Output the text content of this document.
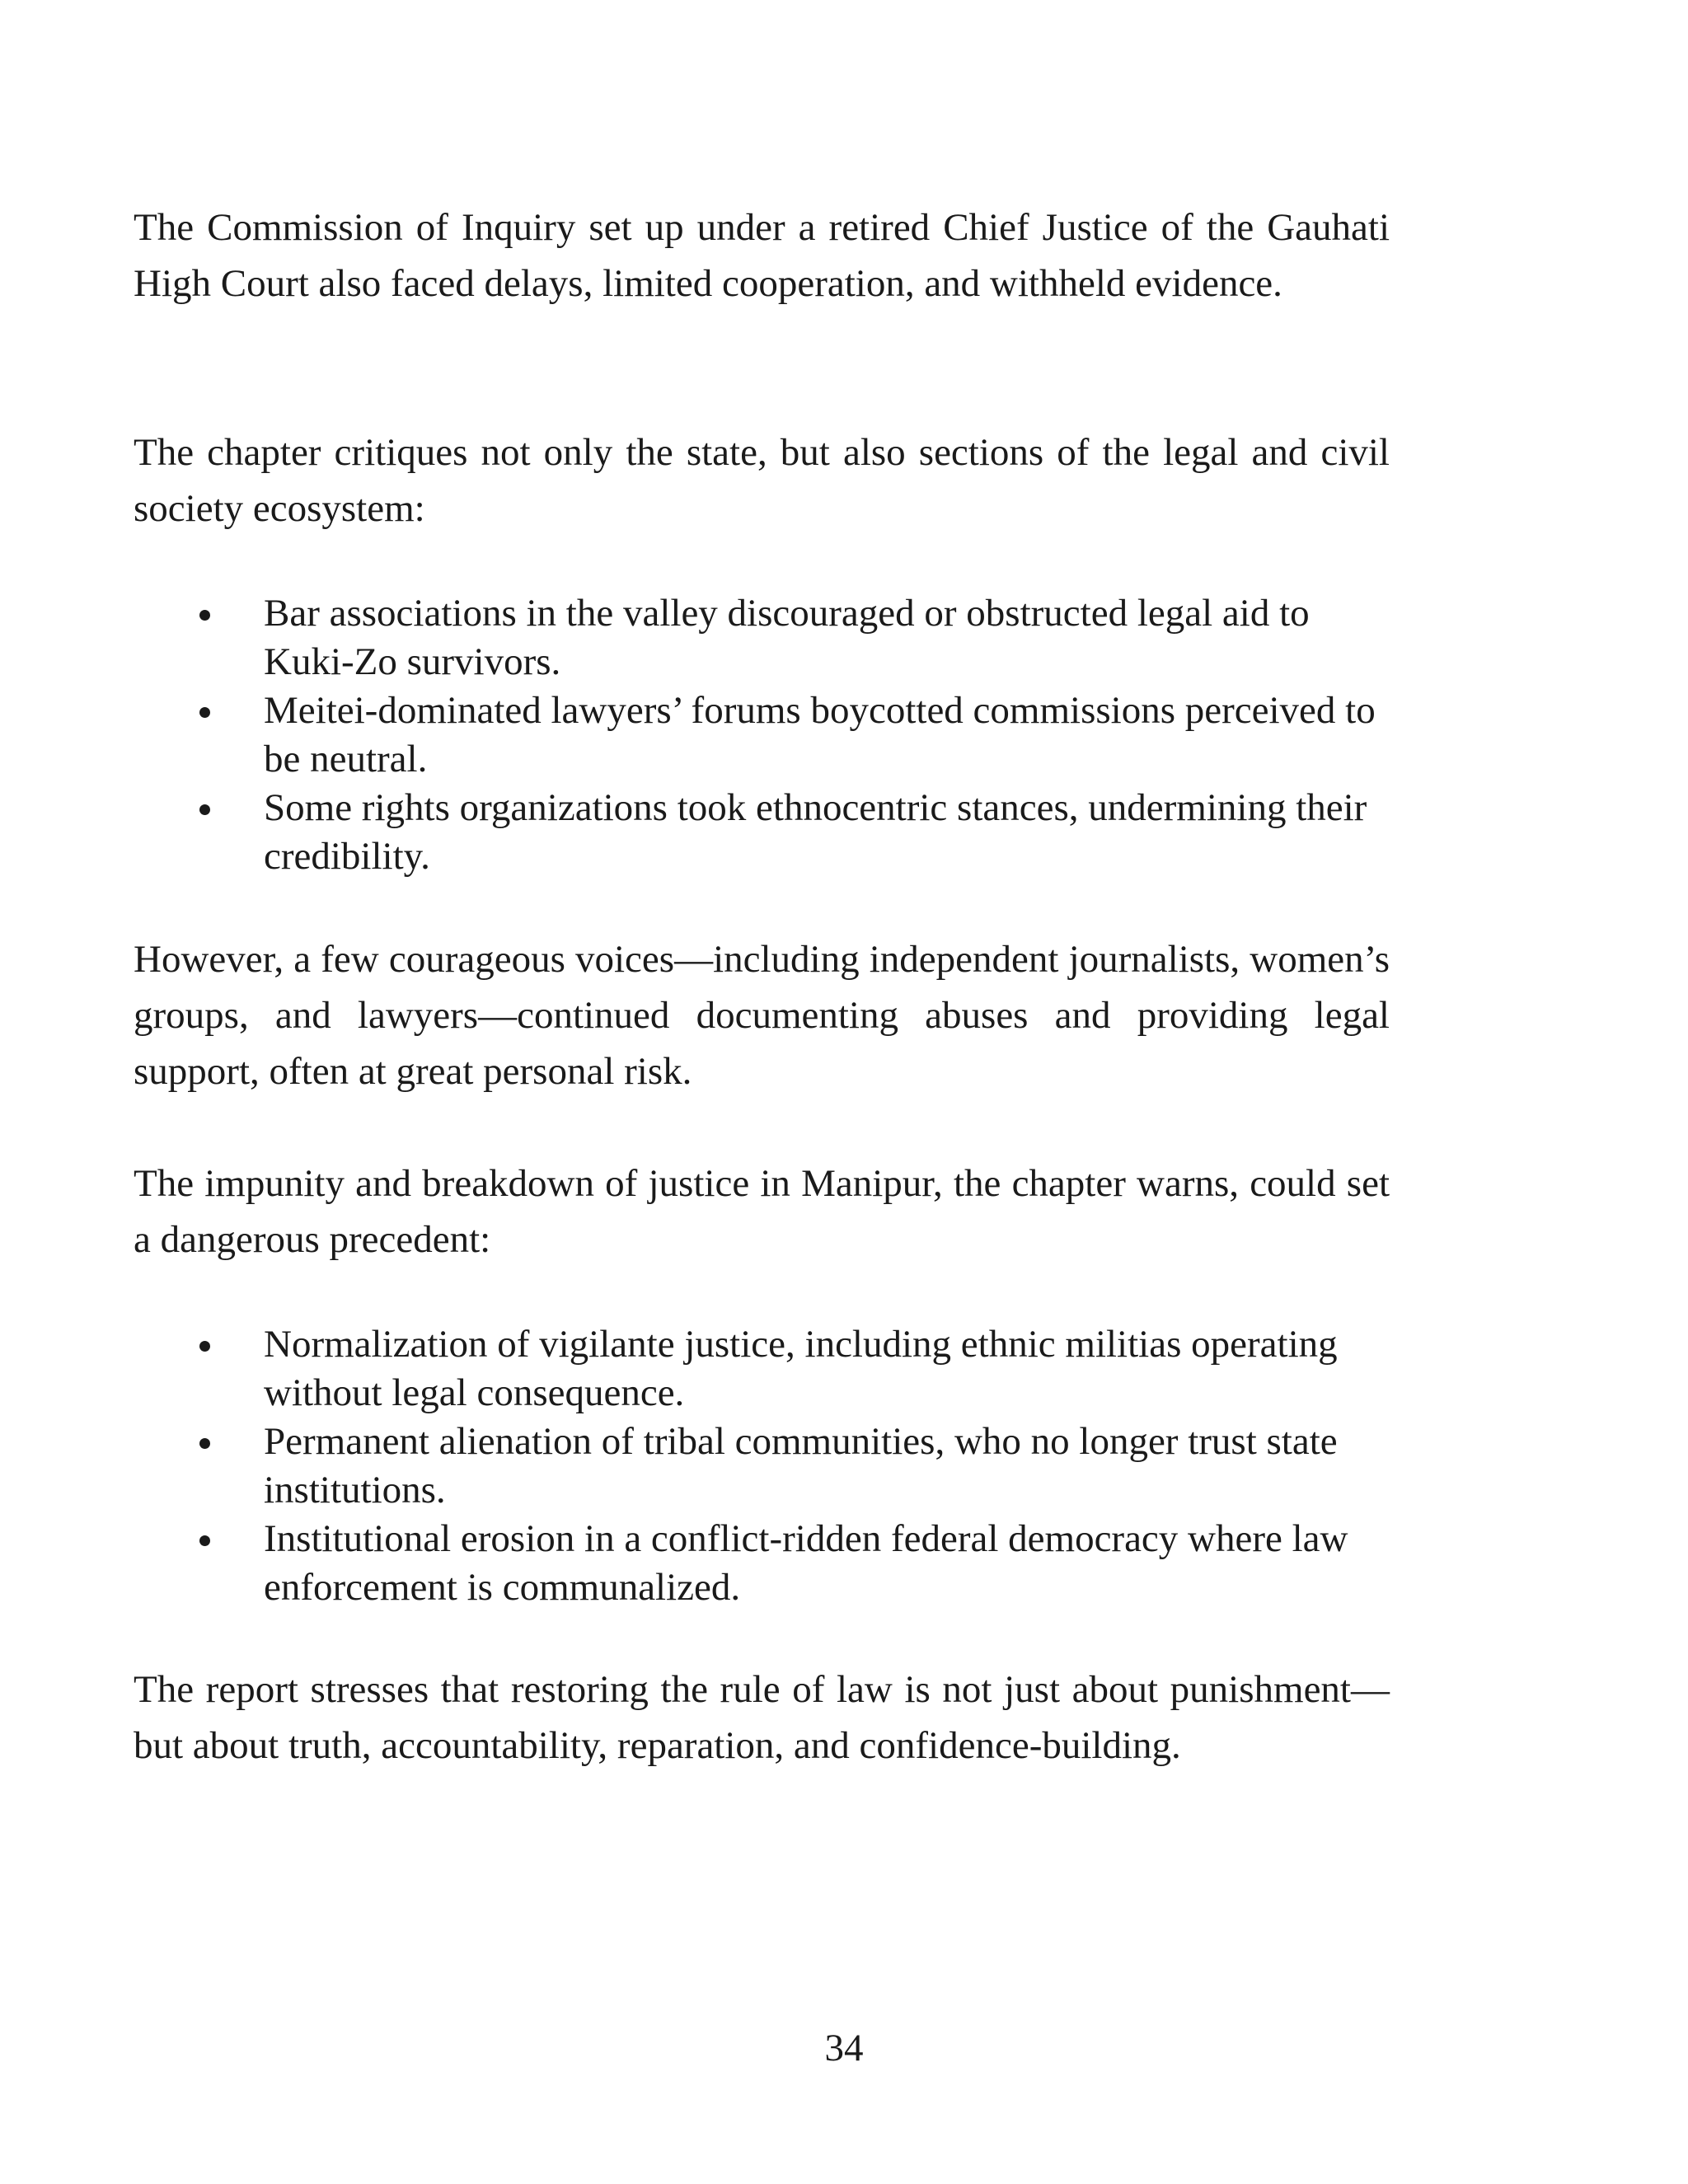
The Commission of Inquiry set up under a retired Chief Justice of the Gauhati High Court also faced delays, limited cooperation, and withheld evidence.

The chapter critiques not only the state, but also sections of the legal and civil society ecosystem:

Bar associations in the valley discouraged or obstructed legal aid to Kuki-Zo survivors.
Meitei-dominated lawyers’ forums boycotted commissions perceived to be neutral.
Some rights organizations took ethnocentric stances, undermining their credibility.

However, a few courageous voices—including independent journalists, women’s groups, and lawyers—continued documenting abuses and providing legal support, often at great personal risk.

The impunity and breakdown of justice in Manipur, the chapter warns, could set a dangerous precedent:

Normalization of vigilante justice, including ethnic militias operating without legal consequence.
Permanent alienation of tribal communities, who no longer trust state institutions.
Institutional erosion in a conflict-ridden federal democracy where law enforcement is communalized.

The report stresses that restoring the rule of law is not just about punishment—but about truth, accountability, reparation, and confidence-building.

34
